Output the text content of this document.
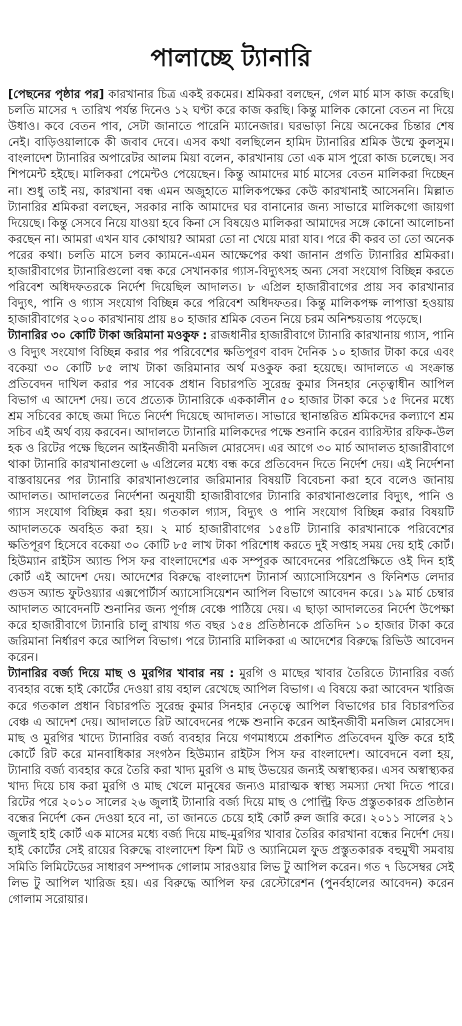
পালাচ্ছে ট্যানারি

[পেছনের পৃষ্ঠার পর] কারখানার চিত্র একই রকমের। শ্রমিকরা বলছেন, গেল মার্চ মাস কাজ করেছি। চলতি মাসের ৭ তারিখ পর্যন্ত দিনেও ১২ ঘণ্টা করে কাজ করছি। কিন্তু মালিক কোনো বেতন না দিয়ে উধাও। কবে বেতন পাব, সেটা জানাতে পারেনি ম্যানেজার। ঘরভাড়া নিয়ে অনেকের চিন্তার শেষ নেই। বাড়িওয়ালাকে কী জবাব দেবে। এসব কথা বলছিলেন হামিদ ট্যানারির শ্রমিক উম্মে কুলসুম। বাংলাদেশ ট্যানারির অপারেটর আলম মিয়া বলেন, কারখানায় তো এক মাস পুরো কাজ চলেছে। সব শিপমেন্ট হইছে। মালিকরা পেমেন্টও পেয়েছেন। কিন্তু আমাদের মার্চ মাসের বেতন মালিকরা দিচ্ছেন না। শুধু তাই নয়, কারখানা বন্ধ এমন অজুহাতে মালিকপক্ষের কেউ কারখানাই আসেননি। মিল্লাত ট্যানারির শ্রমিকরা বলছেন, সরকার নাকি আমাদের ঘর বানানোর জন্য সাভারে মালিকগো জায়গা দিয়েছে। কিন্তু সেসবে নিয়ে যাওয়া হবে কিনা সে বিষয়েও মালিকরা আমাদের সঙ্গে কোনো আলোচনা করছেন না। আমরা এখন যাব কোথায়? আমরা তো না খেয়ে মারা যাব। পরে কী করব তা তো অনেক পরের কথা। চলতি মাসে চলব ক্যামনে-এমন আক্ষেপের কথা জানান প্রগতি ট্যানারির শ্রমিকরা। হাজারীবাগের ট্যানারিগুলো বন্ধ করে সেখানকার গ্যাস-বিদ্যুৎসহ অন্য সেবা সংযোগ বিচ্ছিন্ন করতে পরিবেশ অধিদফতরকে নির্দেশ দিয়েছিল আদালত। ৮ এপ্রিল হাজারীবাগের প্রায় সব কারখানার বিদ্যুৎ, পানি ও গ্যাস সংযোগ বিচ্ছিন্ন করে পরিবেশ অধিদফতর। কিন্তু মালিকপক্ষ লাপাত্তা হওয়ায় হাজারীবাগের ২০০ কারখানায় প্রায় ৪০ হাজার শ্রমিক বেতন নিয়ে চরম অনিশ্চয়তায় পড়েছে।

ট্যানারির ৩০ কোটি টাকা জরিমানা মওকুফ : রাজধানীর হাজারীবাগে ট্যানারি কারখানায় গ্যাস, পানি ও বিদ্যুৎ সংযোগ বিচ্ছিন্ন করার পর পরিবেশের ক্ষতিপূরণ বাবদ দৈনিক ১০ হাজার টাকা করে এবং বকেয়া ৩০ কোটি ৮৫ লাখ টাকা জরিমানার অর্থ মওকুফ করা হয়েছে। আদালতে এ সংক্রান্ত প্রতিবেদন দাখিল করার পর সাবেক প্রধান বিচারপতি সুরেন্দ্র কুমার সিনহার নেতৃত্বাধীন আপিল বিভাগ এ আদেশ দেয়। তবে প্রত্যেক ট্যানারিকে এককালীন ৫০ হাজার টাকা করে ১৫ দিনের মধ্যে শ্রম সচিবের কাছে জমা দিতে নির্দেশ দিয়েছে আদালত। সাভারে স্থানান্তরিত শ্রমিকদের কল্যাণে শ্রম সচিব এই অর্থ ব্যয় করবেন। আদালতে ট্যানারি মালিকদের পক্ষে শুনানি করেন ব্যারিস্টার রফিক-উল হক ও রিটের পক্ষে ছিলেন আইনজীবী মনজিল মোরসেদ। এর আগে ৩০ মার্চ আদালত হাজারীবাগে থাকা ট্যানারি কারখানাগুলো ৬ এপ্রিলের মধ্যে বন্ধ করে প্রতিবেদন দিতে নির্দেশ দেয়। এই নির্দেশনা বাস্তবায়নের পর ট্যানারি কারখানাগুলোর জরিমানার বিষয়টি বিবেচনা করা হবে বলেও জানায় আদালত। আদালতের নির্দেশনা অনুযায়ী হাজারীবাগের ট্যানারি কারখানাগুলোর বিদ্যুৎ, পানি ও গ্যাস সংযোগ বিচ্ছিন্ন করা হয়। গতকাল গ্যাস, বিদ্যুৎ ও পানি সংযোগ বিচ্ছিন্ন করার বিষয়টি আদালতকে অবহিত করা হয়। ২ মার্চ হাজারীবাগের ১৫৪টি ট্যানারি কারখানাকে পরিবেশের ক্ষতিপূরণ হিসেবে বকেয়া ৩০ কোটি ৮৫ লাখ টাকা পরিশোধ করতে দুই সপ্তাহ সময় দেয় হাই কোর্ট। হিউম্যান রাইটস অ্যান্ড পিস ফর বাংলাদেশের এক সম্পূরক আবেদনের পরিপ্রেক্ষিতে ওই দিন হাই কোর্ট এই আদেশ দেয়। আদেশের বিরুদ্ধে বাংলাদেশ ট্যানার্স অ্যাসোসিয়েশন ও ফিনিশড লেদার গুডস অ্যান্ড ফুটওয়্যার এক্সপোর্টার্স অ্যাসোসিয়েশন আপিল বিভাগে আবেদন করে। ১৯ মার্চ চেম্বার আদালত আবেদনটি শুনানির জন্য পূর্ণাঙ্গ বেঞ্চে পাঠিয়ে দেয়। এ ছাড়া আদালতের নির্দেশ উপেক্ষা করে হাজারীবাগে ট্যানারি চালু রাখায় গত বছর ১৫৪ প্রতিষ্ঠানকে প্রতিদিন ১০ হাজার টাকা করে জরিমানা নির্ধারণ করে আপিল বিভাগ। পরে ট্যানারি মালিকরা এ আদেশের বিরুদ্ধে রিভিউ আবেদন করেন।

ট্যানারির বর্জ্য দিয়ে মাছ ও মুরগির খাবার নয় : মুরগি ও মাছের খাবার তৈরিতে ট্যানারির বর্জ্য ব্যবহার বন্ধে হাই কোর্টের দেওয়া রায় বহাল রেখেছে আপিল বিভাগ। এ বিষয়ে করা আবেদন খারিজ করে গতকাল প্রধান বিচারপতি সুরেন্দ্র কুমার সিনহার নেতৃত্বে আপিল বিভাগের চার বিচারপতির বেঞ্চ এ আদেশ দেয়। আদালতে রিট আবেদনের পক্ষে শুনানি করেন আইনজীবী মনজিল মোরসেদ। মাছ ও মুরগির খাদ্যে ট্যানারির বর্জ্য ব্যবহার নিয়ে গণমাধ্যমে প্রকাশিত প্রতিবেদন যুক্তি করে হাই কোর্টে রিট করে মানবাধিকার সংগঠন হিউম্যান রাইটস পিস ফর বাংলাদেশ। আবেদনে বলা হয়, ট্যানারি বর্জ্য ব্যবহার করে তৈরি করা খাদ্য মুরগি ও মাছ উভয়ের জন্যই অস্বাস্থ্যকর। এসব অস্বাস্থ্যকর খাদ্য দিয়ে চাষ করা মুরগি ও মাছ খেলে মানুষের জন্যও মারাত্মক স্বাস্থ্য সমস্যা দেখা দিতে পারে। রিটের পরে ২০১০ সালের ২৬ জুলাই ট্যানারি বর্জ্য দিয়ে মাছ ও পোল্ট্রি ফিড প্রস্তুতকারক প্রতিষ্ঠান বন্ধের নির্দেশ কেন দেওয়া হবে না, তা জানতে চেয়ে হাই কোর্ট রুল জারি করে। ২০১১ সালের ২১ জুলাই হাই কোর্ট এক মাসের মধ্যে বর্জ্য দিয়ে মাছ-মুরগির খাবার তৈরির কারখানা বন্ধের নির্দেশ দেয়। হাই কোর্টের সেই রায়ের বিরুদ্ধে বাংলাদেশ ফিশ মিট ও অ্যানিমেল ফুড প্রস্তুতকারক বহুমুখী সমবায় সমিতি লিমিটেডের সাধারণ সম্পাদক গোলাম সারওয়ার লিভ টু আপিল করেন। গত ৭ ডিসেম্বর সেই লিভ টু আপিল খারিজ হয়। এর বিরুদ্ধে আপিল ফর রেস্টোরেশন (পুনর্বহালের আবেদন) করেন গোলাম সরোয়ার।
